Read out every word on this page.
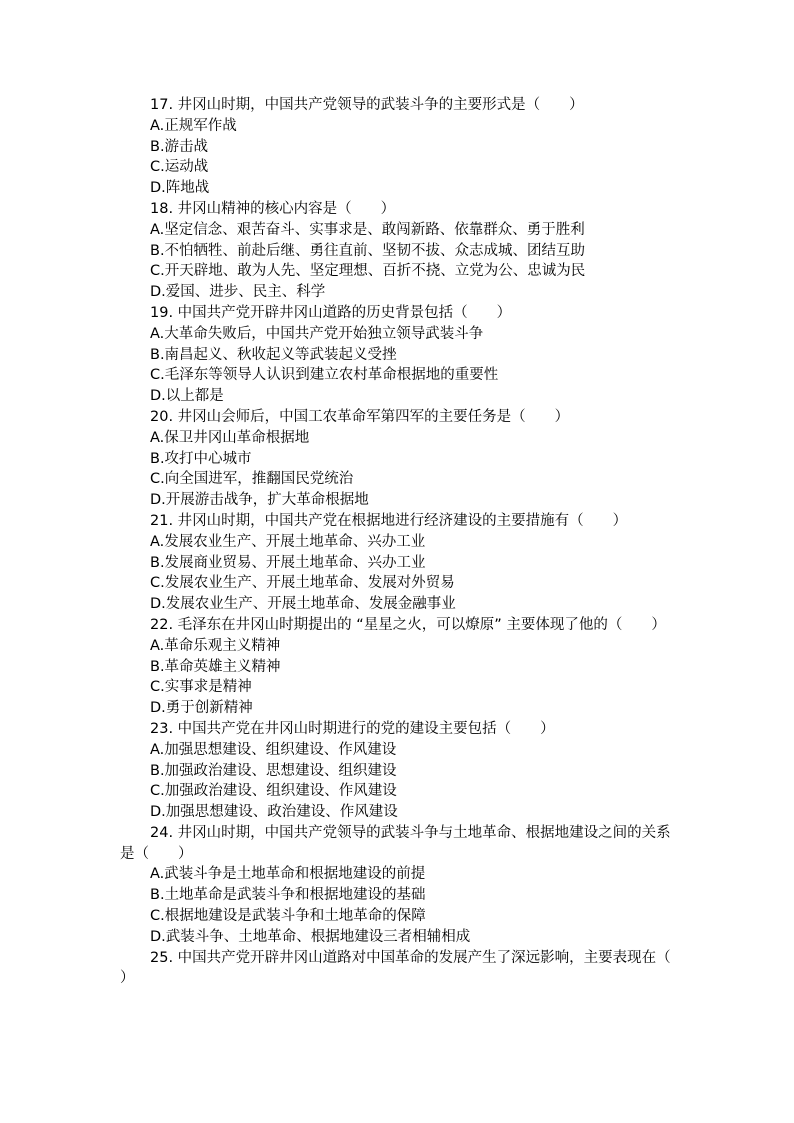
17. 井冈山时期，中国共产党领导的武装斗争的主要形式是（　　）

A.正规军作战

B.游击战

C.运动战

D.阵地战

18. 井冈山精神的核心内容是（　　）

A.坚定信念、艰苦奋斗、实事求是、敢闯新路、依靠群众、勇于胜利

B.不怕牺牲、前赴后继、勇往直前、坚韧不拔、众志成城、团结互助

C.开天辟地、敢为人先、坚定理想、百折不挠、立党为公、忠诚为民

D.爱国、进步、民主、科学

19. 中国共产党开辟井冈山道路的历史背景包括（　　）

A.大革命失败后，中国共产党开始独立领导武装斗争

B.南昌起义、秋收起义等武装起义受挫

C.毛泽东等领导人认识到建立农村革命根据地的重要性

D.以上都是

20. 井冈山会师后，中国工农革命军第四军的主要任务是（　　）

A.保卫井冈山革命根据地

B.攻打中心城市

C.向全国进军，推翻国民党统治

D.开展游击战争，扩大革命根据地

21. 井冈山时期，中国共产党在根据地进行经济建设的主要措施有（　　）

A.发展农业生产、开展土地革命、兴办工业

B.发展商业贸易、开展土地革命、兴办工业

C.发展农业生产、开展土地革命、发展对外贸易

D.发展农业生产、开展土地革命、发展金融事业

22. 毛泽东在井冈山时期提出的 “星星之火，可以燎原” 主要体现了他的（　　）

A.革命乐观主义精神

B.革命英雄主义精神

C.实事求是精神

D.勇于创新精神

23. 中国共产党在井冈山时期进行的党的建设主要包括（　　）

A.加强思想建设、组织建设、作风建设

B.加强政治建设、思想建设、组织建设

C.加强政治建设、组织建设、作风建设

D.加强思想建设、政治建设、作风建设

24. 井冈山时期，中国共产党领导的武装斗争与土地革命、根据地建设之间的关系是（　　）

A.武装斗争是土地革命和根据地建设的前提

B.土地革命是武装斗争和根据地建设的基础

C.根据地建设是武装斗争和土地革命的保障

D.武装斗争、土地革命、根据地建设三者相辅相成

25. 中国共产党开辟井冈山道路对中国革命的发展产生了深远影响，主要表现在（　　）
